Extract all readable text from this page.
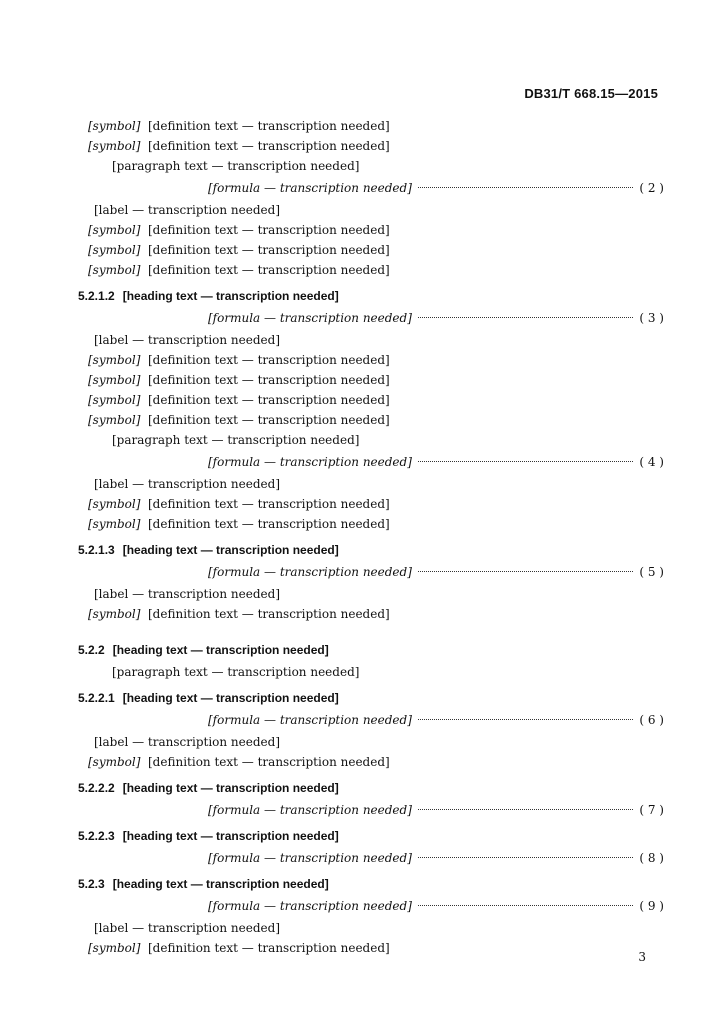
DB31/T 668.15—2015
[symbol] [definition text — transcription needed]
[symbol] [definition text — transcription needed]

[paragraph text — transcription needed]

[formula — transcription needed]	( 2 )

[label — transcription needed]

[symbol] [definition text — transcription needed]
[symbol] [definition text — transcription needed]
[symbol] [definition text — transcription needed]
5.2.1.2 [heading text — transcription needed]
[formula — transcription needed]	( 3 )

[label — transcription needed]

[symbol] [definition text — transcription needed]
[symbol] [definition text — transcription needed]
[symbol] [definition text — transcription needed]
[symbol] [definition text — transcription needed]

[paragraph text — transcription needed]

[formula — transcription needed]	( 4 )

[label — transcription needed]

[symbol] [definition text — transcription needed]
[symbol] [definition text — transcription needed]
5.2.1.3 [heading text — transcription needed]
[formula — transcription needed]	( 5 )

[label — transcription needed]

[symbol] [definition text — transcription needed]
5.2.2 [heading text — transcription needed]

[paragraph text — transcription needed]

5.2.2.1 [heading text — transcription needed]
[formula — transcription needed]	( 6 )

[label — transcription needed]

[symbol] [definition text — transcription needed]
5.2.2.2 [heading text — transcription needed]
[formula — transcription needed]	( 7 )
5.2.2.3 [heading text — transcription needed]
[formula — transcription needed]	( 8 )
5.2.3 [heading text — transcription needed]
[formula — transcription needed]	( 9 )

[label — transcription needed]

[symbol] [definition text — transcription needed]
3
